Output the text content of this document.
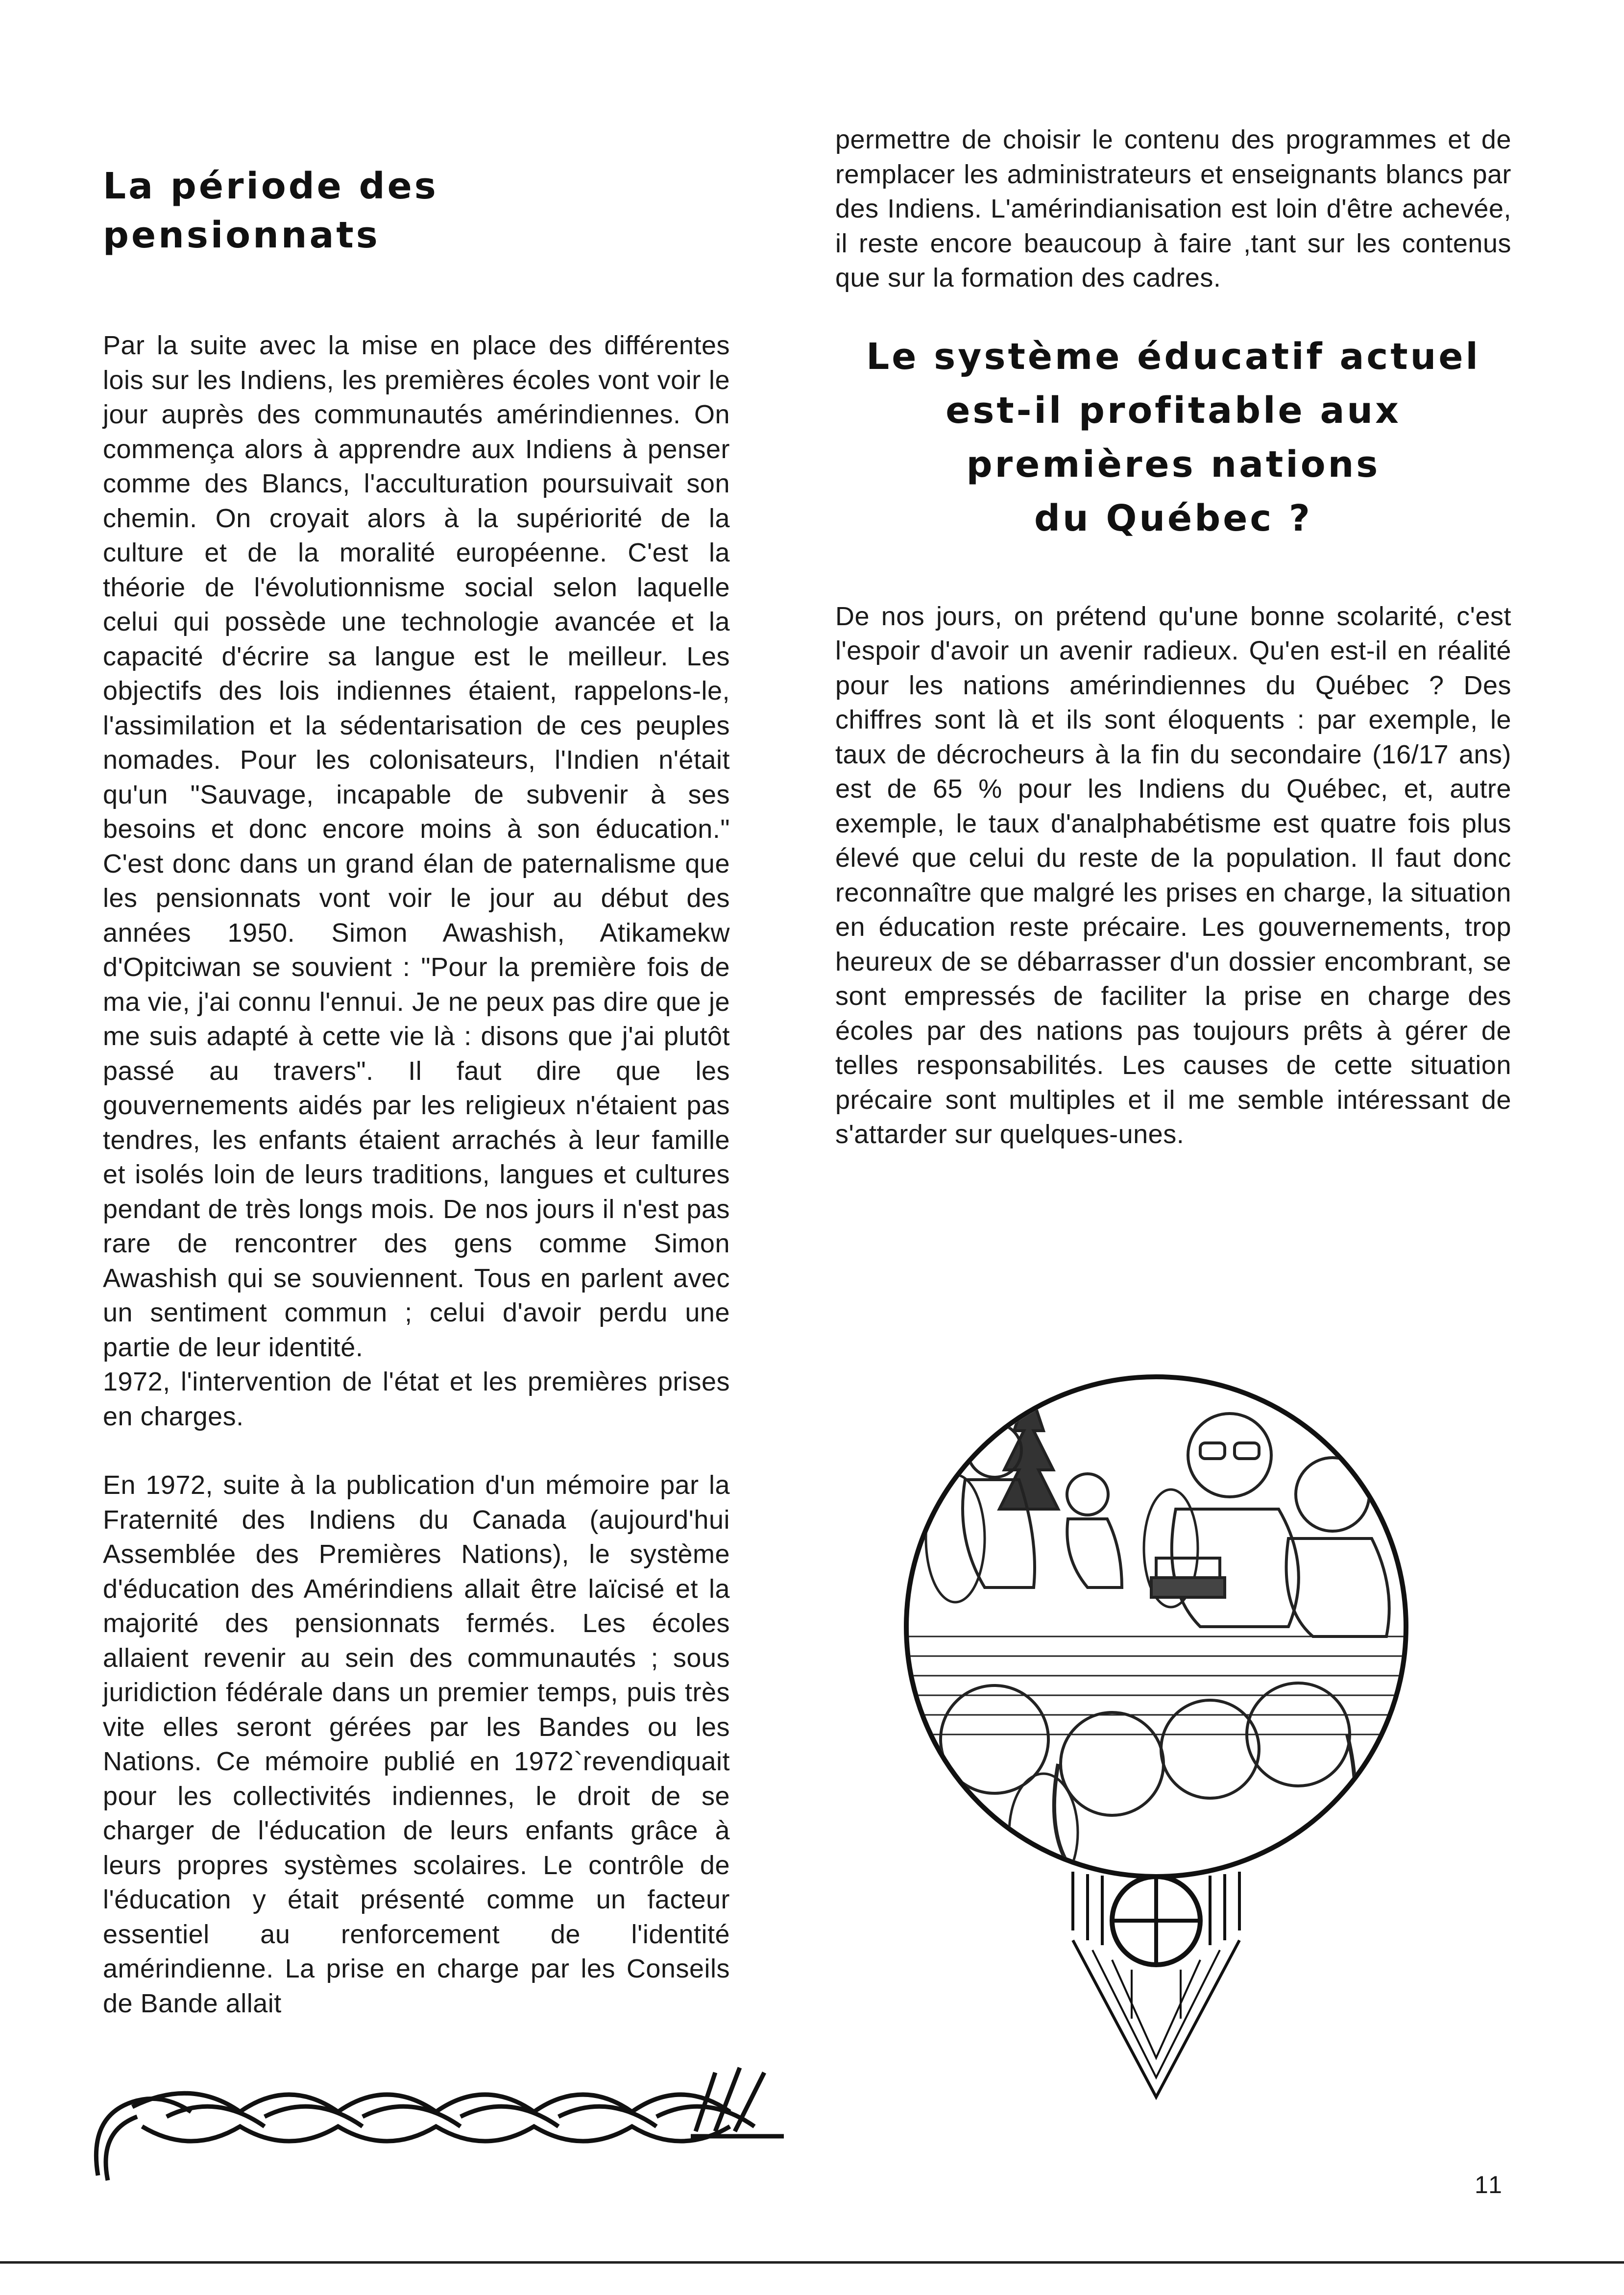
La période des pensionnats

Par la suite avec la mise en place des différentes lois sur les Indiens, les premières écoles vont voir le jour auprès des communautés amérindiennes. On commença alors à apprendre aux Indiens à penser comme des Blancs, l'acculturation poursuivait son chemin. On croyait alors à la supériorité de la culture et de la moralité européenne. C'est la théorie de l'évolutionnisme social selon laquelle celui qui possède une technologie avancée et la capacité d'écrire sa langue est le meilleur. Les objectifs des lois indiennes étaient, rappelons-le, l'assimilation et la sédentarisation de ces peuples nomades. Pour les colonisateurs, l'Indien n'était qu'un "Sauvage, incapable de subvenir à ses besoins et donc encore moins à son éducation." C'est donc dans un grand élan de paternalisme que les pensionnats vont voir le jour au début des années 1950. Simon Awashish, Atikamekw d'Opitciwan se souvient : "Pour la première fois de ma vie, j'ai connu l'ennui. Je ne peux pas dire que je me suis adapté à cette vie là : disons que j'ai plutôt passé au travers". Il faut dire que les gouvernements aidés par les religieux n'étaient pas tendres, les enfants étaient arrachés à leur famille et isolés loin de leurs traditions, langues et cultures pendant de très longs mois. De nos jours il n'est pas rare de rencontrer des gens comme Simon Awashish qui se souviennent. Tous en parlent avec un sentiment commun ; celui d'avoir perdu une partie de leur identité.

1972, l'intervention de l'état et les premières prises en charges.

En 1972, suite à la publication d'un mémoire par la Fraternité des Indiens du Canada (aujourd'hui Assemblée des Premières Nations), le système d'éducation des Amérindiens allait être laïcisé et la majorité des pensionnats fermés. Les écoles allaient revenir au sein des communautés ; sous juridiction fédérale dans un premier temps, puis très vite elles seront gérées par les Bandes ou les Nations. Ce mémoire publié en 1972`revendiquait pour les collectivités indiennes, le droit de se charger de l'éducation de leurs enfants grâce à leurs propres systèmes scolaires. Le contrôle de l'éducation y était présenté comme un facteur essentiel au renforcement de l'identité amérindienne. La prise en charge par les Conseils de Bande allait

permettre de choisir le contenu des programmes et de remplacer les administrateurs et enseignants blancs par des Indiens. L'amérindianisation est loin d'être achevée, il reste encore beaucoup à faire ,tant sur les contenus que sur la formation des cadres.

Le système éducatif actuel
est-il profitable aux
premières nations
du Québec ?

De nos jours, on prétend qu'une bonne scolarité, c'est l'espoir d'avoir un avenir radieux. Qu'en est-il en réalité pour les nations amérindiennes du Québec ? Des chiffres sont là et ils sont éloquents : par exemple, le taux de décrocheurs à la fin du secondaire (16/17 ans) est de 65 % pour les Indiens du Québec, et, autre exemple, le taux d'analphabétisme est quatre fois plus élevé que celui du reste de la population. Il faut donc reconnaître que malgré les prises en charge, la situation en éducation reste précaire. Les gouvernements, trop heureux de se débarrasser d'un dossier encombrant, se sont empressés de faciliter la prise en charge des écoles par des nations pas toujours prêts à gérer de telles responsabilités. Les causes de cette situation précaire sont multiples et il me semble intéressant de s'attarder sur quelques-unes.

11
